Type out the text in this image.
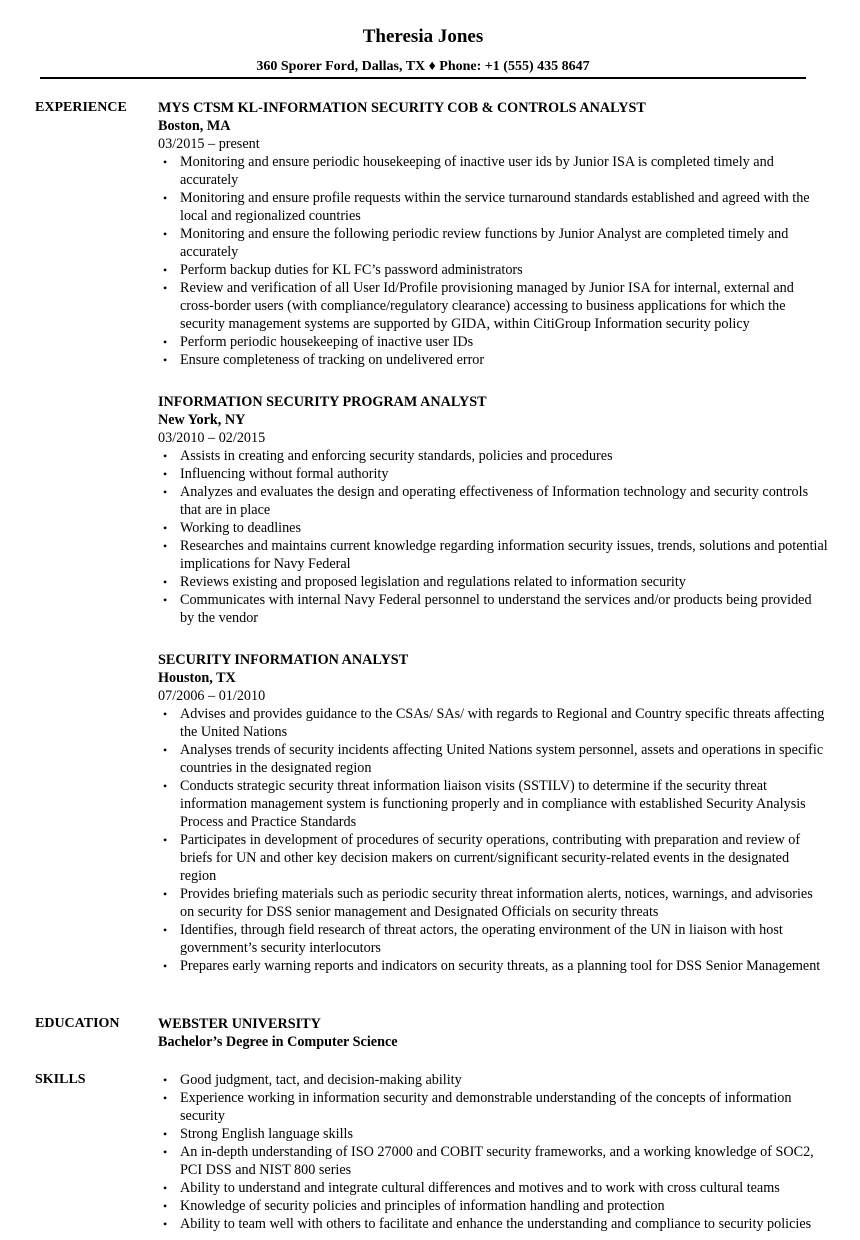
Theresia Jones
360 Sporer Ford, Dallas, TX ♦ Phone: +1 (555) 435 8647
EXPERIENCE MYS CTSM KL-INFORMATION SECURITY COB & CONTROLS ANALYST
Boston, MA
03/2015 – present
• Monitoring and ensure periodic housekeeping of inactive user ids by Junior ISA is completed timely and accurately
• Monitoring and ensure profile requests within the service turnaround standards established and agreed with the local and regionalized countries
• Monitoring and ensure the following periodic review functions by Junior Analyst are completed timely and accurately
• Perform backup duties for KL FC’s password administrators
• Review and verification of all User Id/Profile provisioning managed by Junior ISA for internal, external and cross-border users (with compliance/regulatory clearance) accessing to business applications for which the security management systems are supported by GIDA, within CitiGroup Information security policy
• Perform periodic housekeeping of inactive user IDs
• Ensure completeness of tracking on undelivered error
INFORMATION SECURITY PROGRAM ANALYST
New York, NY
03/2010 – 02/2015
• Assists in creating and enforcing security standards, policies and procedures
• Influencing without formal authority
• Analyzes and evaluates the design and operating effectiveness of Information technology and security controls that are in place
• Working to deadlines
• Researches and maintains current knowledge regarding information security issues, trends, solutions and potential implications for Navy Federal
• Reviews existing and proposed legislation and regulations related to information security
• Communicates with internal Navy Federal personnel to understand the services and/or products being provided by the vendor
SECURITY INFORMATION ANALYST
Houston, TX
07/2006 – 01/2010
• Advises and provides guidance to the CSAs/ SAs/ with regards to Regional and Country specific threats affecting the United Nations
• Analyses trends of security incidents affecting United Nations system personnel, assets and operations in specific countries in the designated region
• Conducts strategic security threat information liaison visits (SSTILV) to determine if the security threat information management system is functioning properly and in compliance with established Security Analysis Process and Practice Standards
• Participates in development of procedures of security operations, contributing with preparation and review of briefs for UN and other key decision makers on current/significant security-related events in the designated region
• Provides briefing materials such as periodic security threat information alerts, notices, warnings, and advisories on security for DSS senior management and Designated Officials on security threats
• Identifies, through field research of threat actors, the operating environment of the UN in liaison with host government’s security interlocutors
• Prepares early warning reports and indicators on security threats, as a planning tool for DSS Senior Management
EDUCATION	WEBSTER UNIVERSITY
Bachelor’s Degree in Computer Science
SKILLS	• Good judgment, tact, and decision-making ability
• Experience working in information security and demonstrable understanding of the concepts of information security
• Strong English language skills
• An in-depth understanding of ISO 27000 and COBIT security frameworks, and a working knowledge of SOC2, PCI DSS and NIST 800 series
• Ability to understand and integrate cultural differences and motives and to work with cross cultural teams
• Knowledge of security policies and principles of information handling and protection
• Ability to team well with others to facilitate and enhance the understanding and compliance to security policies
